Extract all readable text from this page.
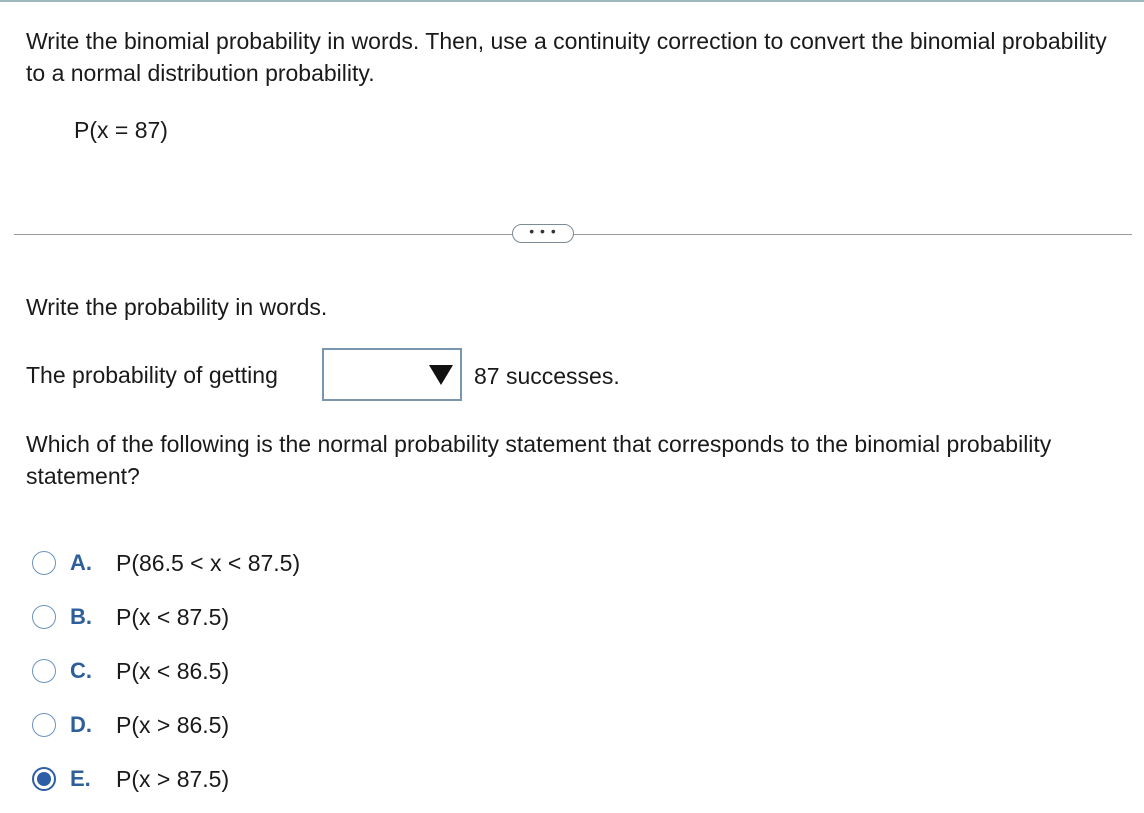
Write the binomial probability in words. Then, use a continuity correction to convert the binomial probability to a normal distribution probability.

P(x = 87)
• • •
Write the probability in words.
The probability of getting	87 successes.

Which of the following is the normal probability statement that corresponds to the binomial probability statement?

A.	P(86.5 < x < 87.5)
B.	P(x < 87.5)
C.	P(x < 86.5)
D.	P(x > 86.5)
E.	P(x > 87.5)
